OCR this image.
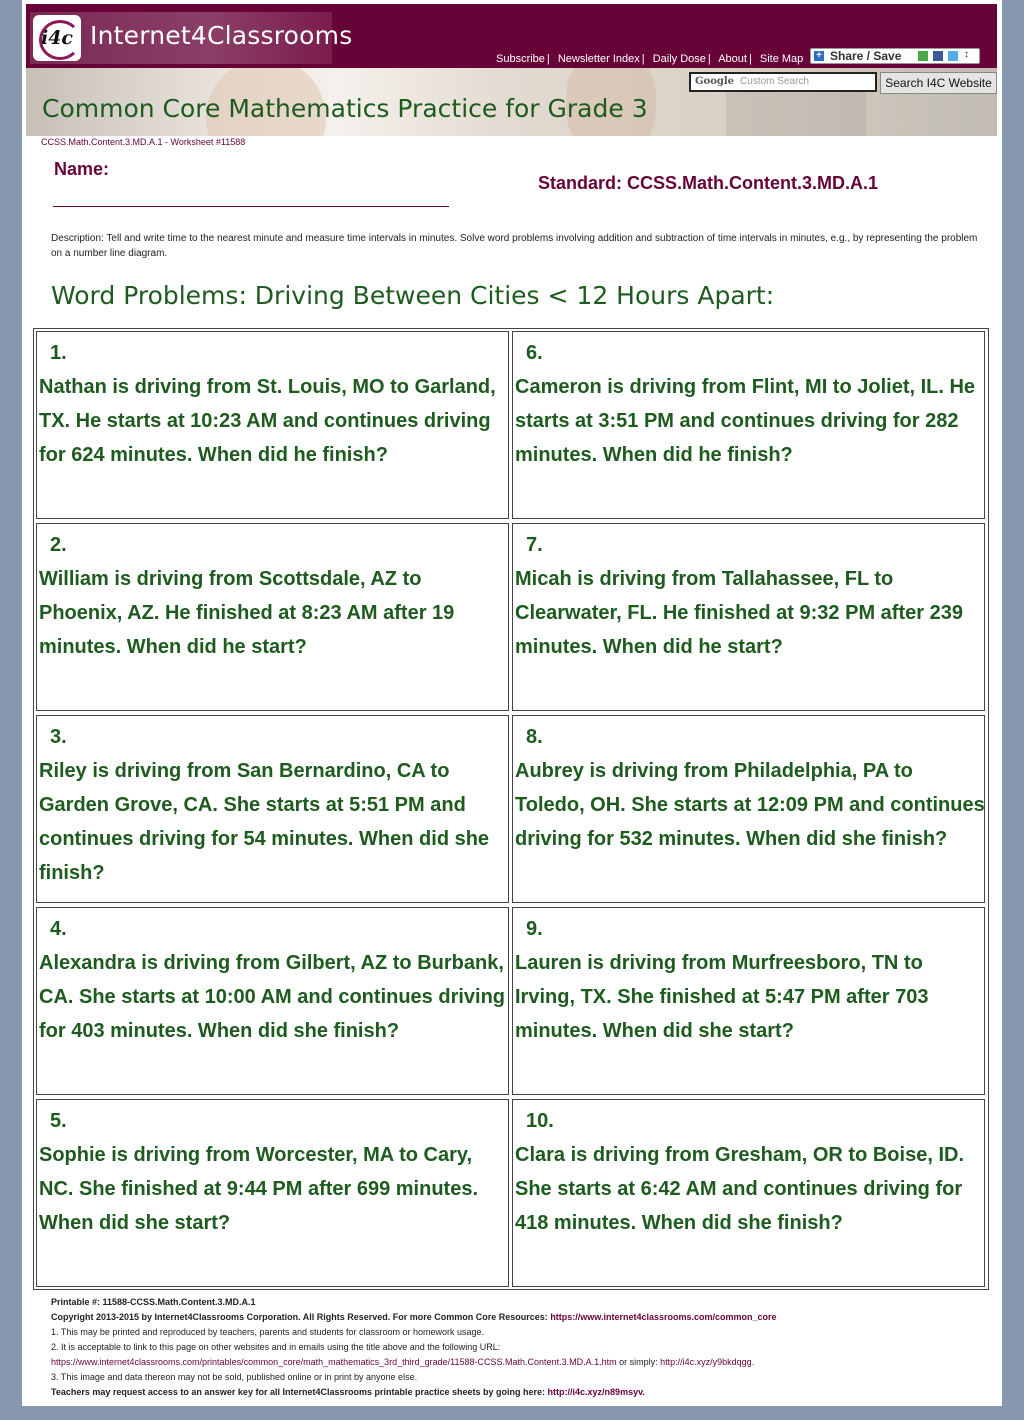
i4c Internet4Classrooms
Subscribe | Newsletter Index | Daily Dose | About | Site Map + Share / Save	↕
Google Custom Search	Search I4C Website
Common Core Mathematics Practice for Grade 3
CCSS.Math.Content.3.MD.A.1 - Worksheet #11588
Name:
Standard: CCSS.Math.Content.3.MD.A.1
Description: Tell and write time to the nearest minute and measure time intervals in minutes. Solve word problems involving addition and subtraction of time intervals in minutes, e.g., by representing the problem on a number line diagram.
Word Problems: Driving Between Cities < 12 Hours Apart:
1.
Nathan is driving from St. Louis, MO to Garland, TX. He starts at 10:23 AM and continues driving for 624 minutes. When did he finish?
2.
William is driving from Scottsdale, AZ to Phoenix, AZ. He finished at 8:23 AM after 19 minutes. When did he start?
3.
Riley is driving from San Bernardino, CA to Garden Grove, CA. She starts at 5:51 PM and continues driving for 54 minutes. When did she finish?
4.
Alexandra is driving from Gilbert, AZ to Burbank, CA. She starts at 10:00 AM and continues driving for 403 minutes. When did she finish?
5.
Sophie is driving from Worcester, MA to Cary, NC. She finished at 9:44 PM after 699 minutes. When did she start?
6.
Cameron is driving from Flint, MI to Joliet, IL. He starts at 3:51 PM and continues driving for 282 minutes. When did he finish?
7.
Micah is driving from Tallahassee, FL to Clearwater, FL. He finished at 9:32 PM after 239 minutes. When did he start?
8.
Aubrey is driving from Philadelphia, PA to Toledo, OH. She starts at 12:09 PM and continues driving for 532 minutes. When did she finish?
9.
Lauren is driving from Murfreesboro, TN to Irving, TX. She finished at 5:47 PM after 703 minutes. When did she start?
10.
Clara is driving from Gresham, OR to Boise, ID. She starts at 6:42 AM and continues driving for 418 minutes. When did she finish?
Printable #: 11588-CCSS.Math.Content.3.MD.A.1
Copyright 2013-2015 by Internet4Classrooms Corporation. All Rights Reserved. For more Common Core Resources: https://www.internet4classrooms.com/common_core
1. This may be printed and reproduced by teachers, parents and students for classroom or homework usage.
2. It is acceptable to link to this page on other websites and in emails using the title above and the following URL:
https://www.internet4classrooms.com/printables/common_core/math_mathematics_3rd_third_grade/11588-CCSS.Math.Content.3.MD.A.1.htm or simply: http://i4c.xyz/y9bkdqgg.
3. This image and data thereon may not be sold, published online or in print by anyone else.
Teachers may request access to an answer key for all Internet4Classrooms printable practice sheets by going here: http://i4c.xyz/n89msyv.
